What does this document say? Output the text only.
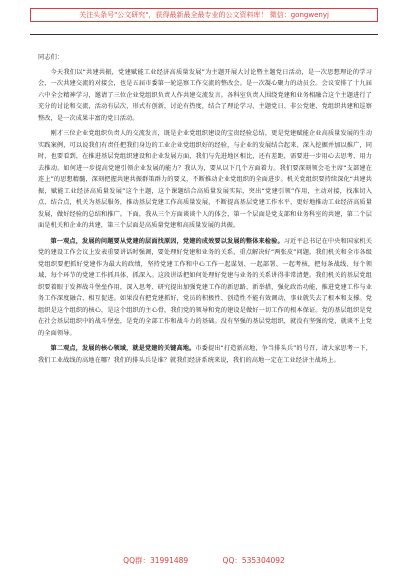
关注头条号"公文研究"，获得最新最全最专业的公文资料库！ 微信：gongwenyj

同志们：

今天我们以“共建共振，党建赋能工业经济高质量发展”为主题开展大讨论暨主题党日活动，是一次思想理论的学习会，一次共建交流的对接会，也是五届市委第一轮巡察工作交流的整改会。是一次凝心聚力的动员会。会议安排了十九届六中全会精神学习，邀请了三位企业党组织负责人作共建交流发言。各科室负责人围绕党建和业务相融合这个主题进行了充分的讨论和交流，活动有层次，形式有创新，讨论有热度，结合了理论学习、主题党日、非公党建、党组织共建和巡察整改，是一次成果丰富的党日活动。

刚才三位企业党组织负责人的交流发言，既是企业党组织建设的宝贵经验总结，更是党建赋能企业高质量发展的生动实践案例，可以说我们有责任把我们身边的工业企业党组织好的经验，与企业的发展结合起来、深入挖掘并加以推广，同时，也要看到，在推进基层党组织建设和企业发展方面，我们与先进地区相比，还有差距，需要进一步用心去思考、用力去推动。如何进一步提高党建引领企业发展的能力？我认为，要从以下几个方面着力。我们要深刻领会毛主席“支部建在连上”的思想精髓，深刻把握共建共振群策群力的要义，不断推动企业党组织的全面进步。机关党组织要持续深化“共建共振，赋能工业经济高质量发展”这个主题，这个课题结合高质量发展实际，突出“党建引领”作用，主动对接，找准切入点、结合点，机关为基层服务，推动基层党建工作高质量发展，不断提高基层党建工作水平，更好地推动工业经济高质量发展，做好经验的总结和推广。下面，我从三个方面谈谈个人的体会，第一个层面是党支部和业务科室的共建，第二个层面是机关和企业的共建，第三个层面是高质量党建和高质量发展的共振。

第一观点，发展的问题要从党建的层面找原因，党建的成效要以发展的整体来检验。习近平总书记在中央和国家机关党的建设工作会议上发表重要讲话时强调，要处理好党建和业务的关系，重点解决好“两张皮”问题。我们机关和全市各级党组织要把抓好党建作为最大的政绩，坚持党建工作和中心工作一起谋划、一起部署、一起考核，把每条战线、每个领域、每个环节的党建工作抓具体、抓深入。这段讲话把如何处理好党建与业务的关系讲得非常清楚。我们机关的基层党组织要着眼于发挥战斗堡垒作用，深入思考、研究提出加强党建工作的新思路、新举措，强化政治功能，推进党建工作与业务工作深度融合、相互促进。如果没有把党建抓好，党员的积极性、创造性不能有效调动，事业就失去了根本和支撑。党组织是这个组织的核心，是这个组织的主心骨，我们党的领导和党的建设是做好一切工作的根本保证。党的基层组织是党在社会基层组织中的战斗堡垒，是党的全部工作和战斗力的基础。没有坚强的基层党组织，就没有坚强的党，就谈不上党的全面领导。

第二观点，发展的核心领域，就是党建的关键高地。市委提出“打造新高地，争当排头兵”的号召，请大家思考一下，我们工业战线的高地在哪？我们的排头兵是谁？就我们经济系统来说，我们的高地一定在工业经济主战场上。

QQ群：31991489	QQ：535304092
